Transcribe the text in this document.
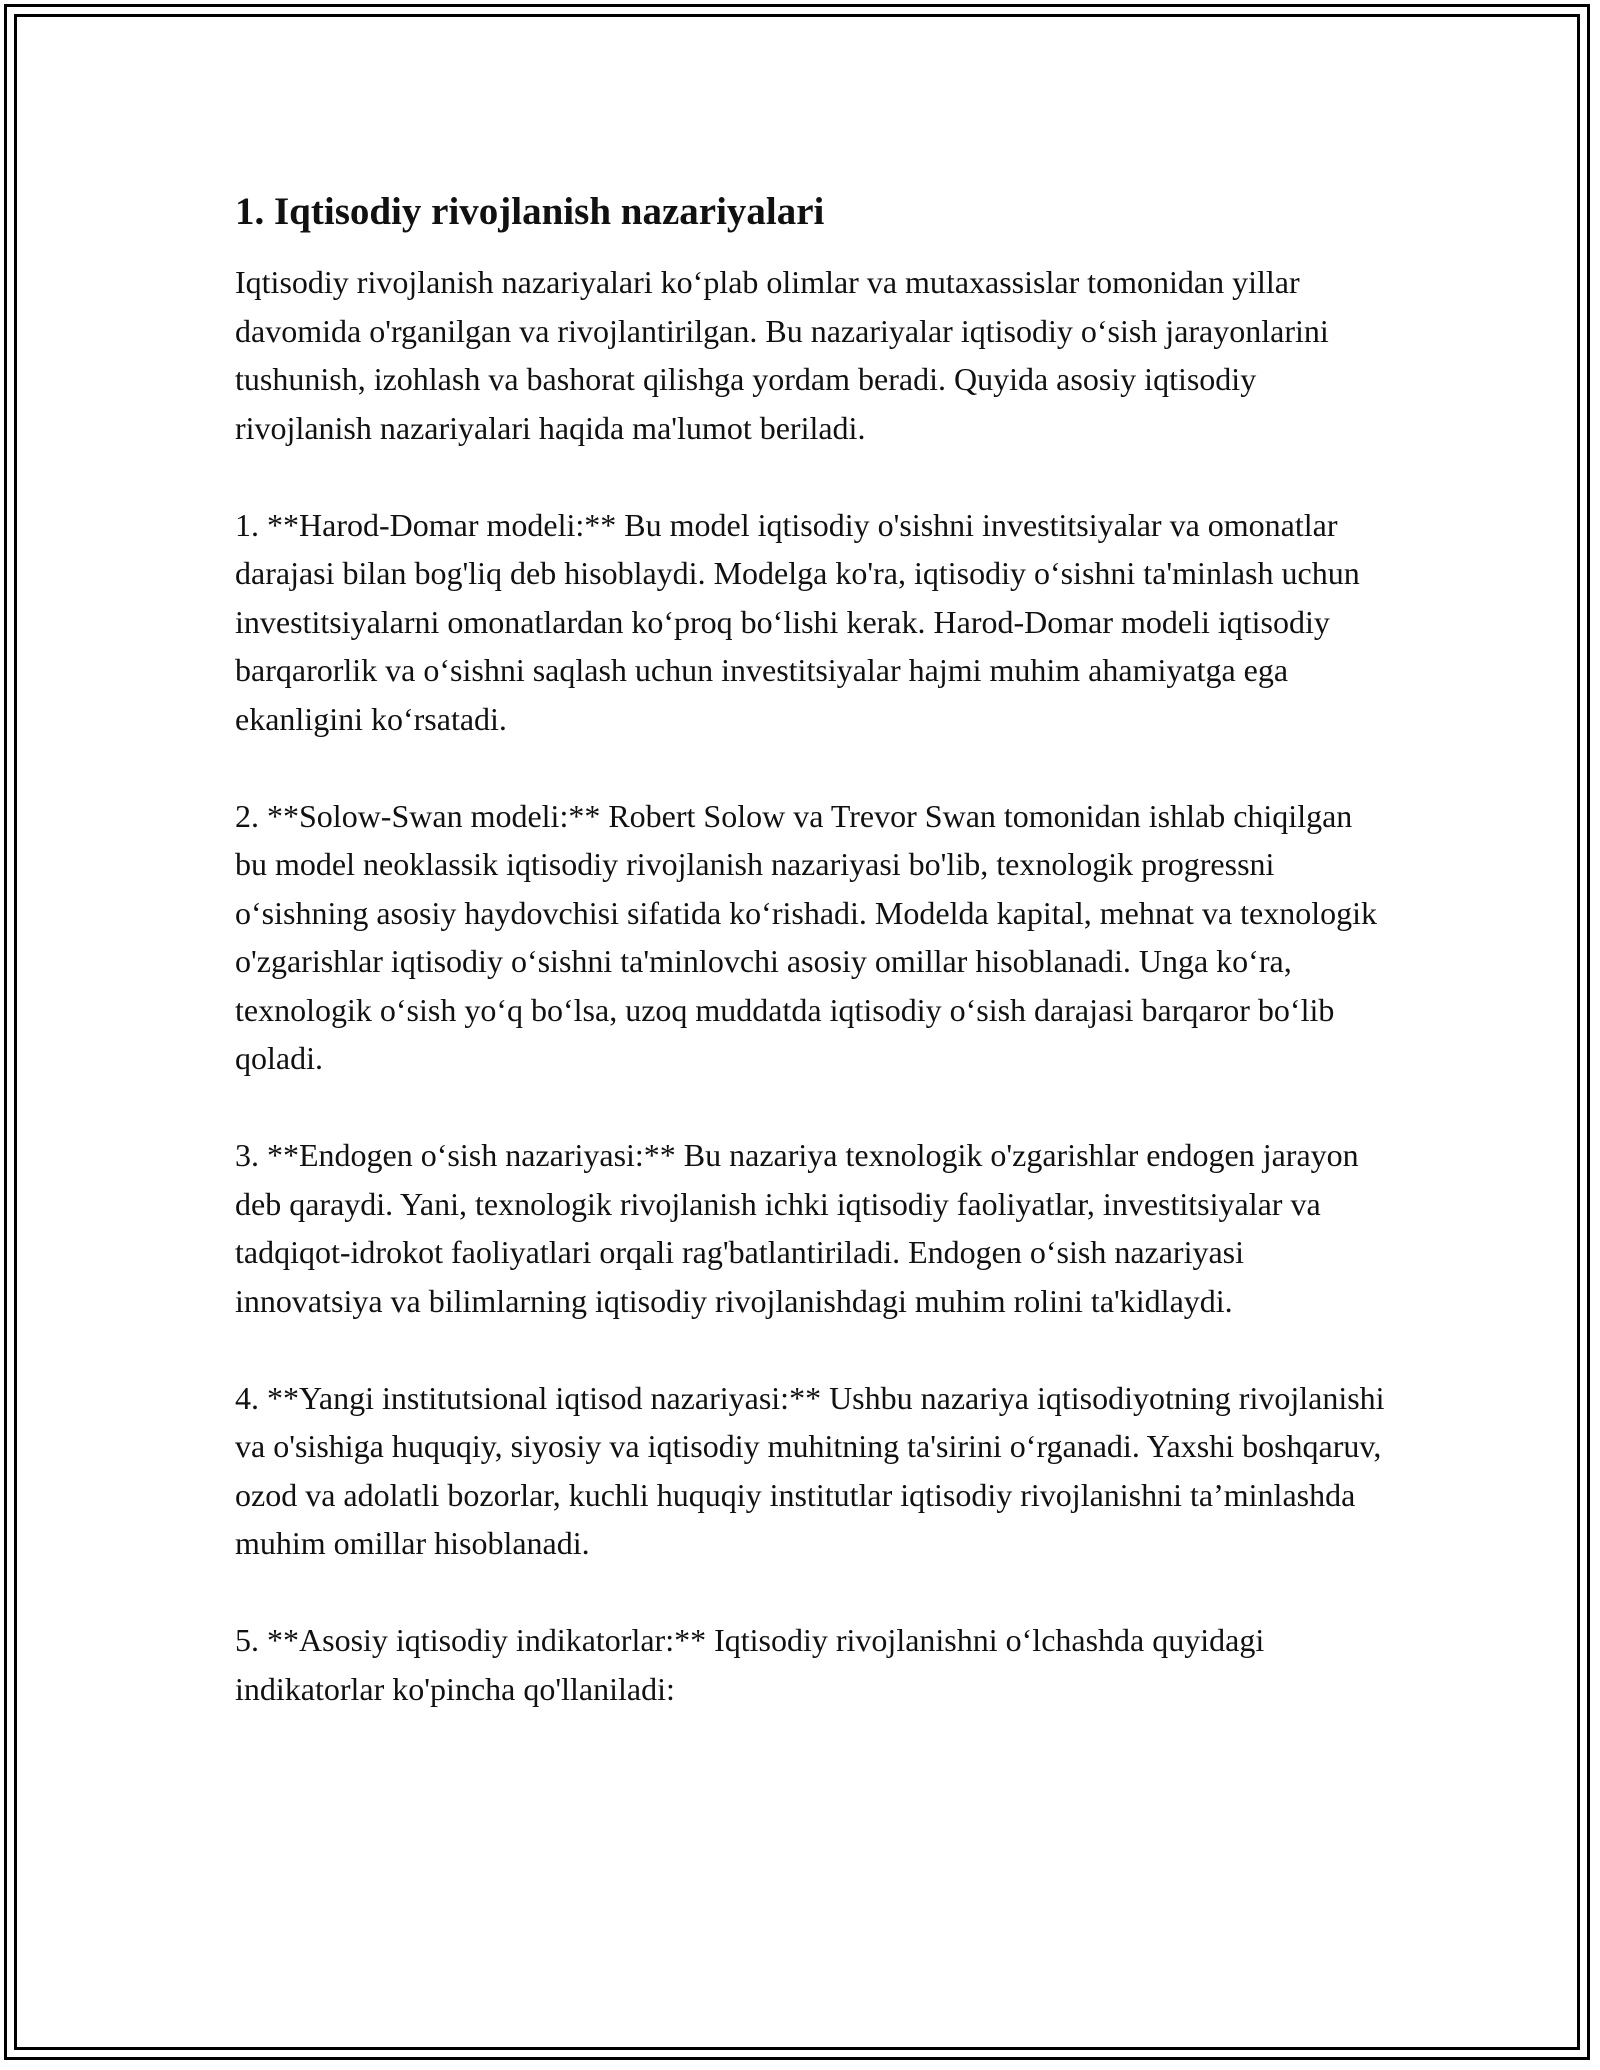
1. Iqtisodiy rivojlanish nazariyalari

Iqtisodiy rivojlanish nazariyalari koʻplab olimlar va mutaxassislar tomonidan yillar davomida o'rganilgan va rivojlantirilgan. Bu nazariyalar iqtisodiy oʻsish jarayonlarini tushunish, izohlash va bashorat qilishga yordam beradi. Quyida asosiy iqtisodiy rivojlanish nazariyalari haqida ma'lumot beriladi.

1. **Harod-Domar modeli:** Bu model iqtisodiy o'sishni investitsiyalar va omonatlar darajasi bilan bog'liq deb hisoblaydi. Modelga ko'ra, iqtisodiy oʻsishni ta'minlash uchun investitsiyalarni omonatlardan koʻproq boʻlishi kerak. Harod-Domar modeli iqtisodiy barqarorlik va oʻsishni saqlash uchun investitsiyalar hajmi muhim ahamiyatga ega ekanligini koʻrsatadi.

2. **Solow-Swan modeli:** Robert Solow va Trevor Swan tomonidan ishlab chiqilgan bu model neoklassik iqtisodiy rivojlanish nazariyasi bo'lib, texnologik progressni oʻsishning asosiy haydovchisi sifatida koʻrishadi. Modelda kapital, mehnat va texnologik o'zgarishlar iqtisodiy oʻsishni ta'minlovchi asosiy omillar hisoblanadi. Unga koʻra, texnologik oʻsish yoʻq boʻlsa, uzoq muddatda iqtisodiy oʻsish darajasi barqaror boʻlib qoladi.

3. **Endogen oʻsish nazariyasi:** Bu nazariya texnologik o'zgarishlar endogen jarayon deb qaraydi. Yani, texnologik rivojlanish ichki iqtisodiy faoliyatlar, investitsiyalar va tadqiqot-idrokot faoliyatlari orqali rag'batlantiriladi. Endogen oʻsish nazariyasi innovatsiya va bilimlarning iqtisodiy rivojlanishdagi muhim rolini ta'kidlaydi.

4. **Yangi institutsional iqtisod nazariyasi:** Ushbu nazariya iqtisodiyotning rivojlanishi va o'sishiga huquqiy, siyosiy va iqtisodiy muhitning ta'sirini oʻrganadi. Yaxshi boshqaruv, ozod va adolatli bozorlar, kuchli huquqiy institutlar iqtisodiy rivojlanishni ta’minlashda muhim omillar hisoblanadi.

5. **Asosiy iqtisodiy indikatorlar:** Iqtisodiy rivojlanishni oʻlchashda quyidagi indikatorlar ko'pincha qo'llaniladi:
